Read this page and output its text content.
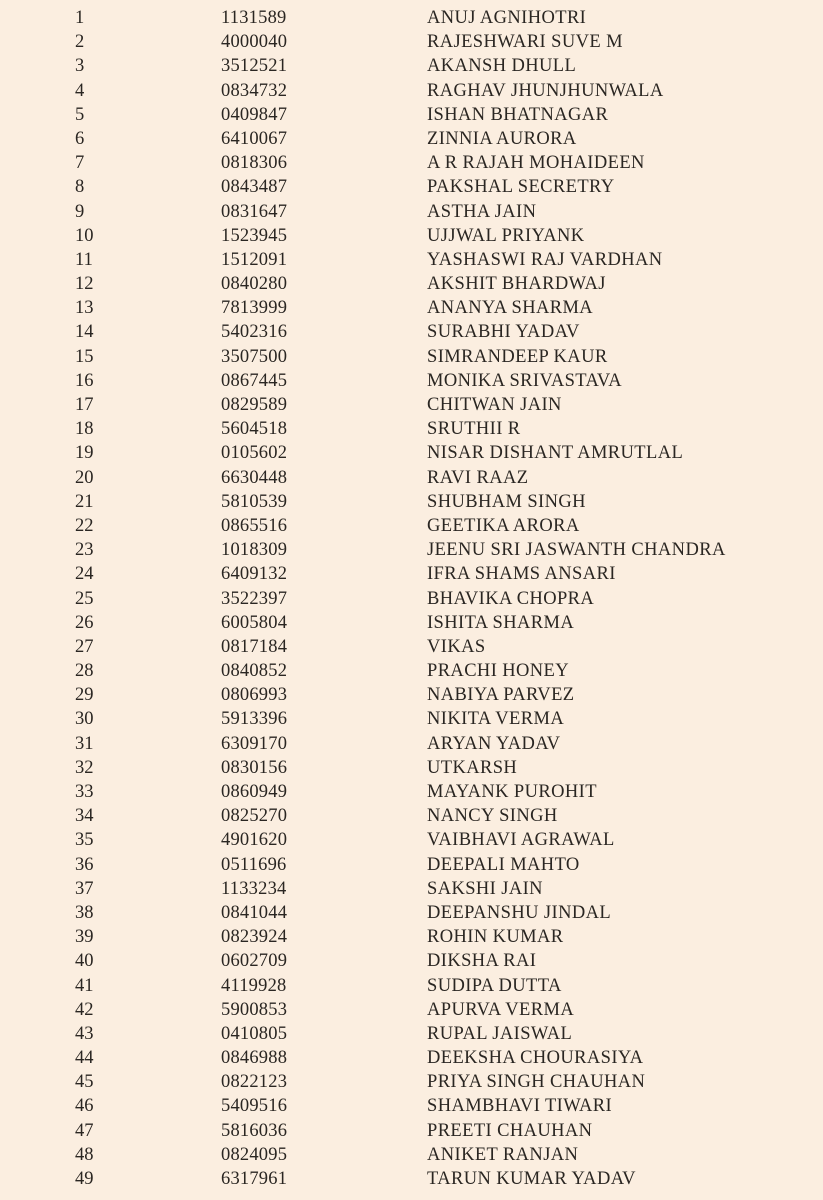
1	1131589	ANUJ AGNIHOTRI
2	4000040	RAJESHWARI SUVE M
3	3512521	AKANSH DHULL
4	0834732	RAGHAV JHUNJHUNWALA
5	0409847	ISHAN BHATNAGAR
6	6410067	ZINNIA AURORA
7	0818306	A R RAJAH MOHAIDEEN
8	0843487	PAKSHAL SECRETRY
9	0831647	ASTHA JAIN
10	1523945	UJJWAL PRIYANK
11	1512091	YASHASWI RAJ VARDHAN
12	0840280	AKSHIT BHARDWAJ
13	7813999	ANANYA SHARMA
14	5402316	SURABHI YADAV
15	3507500	SIMRANDEEP KAUR
16	0867445	MONIKA SRIVASTAVA
17	0829589	CHITWAN JAIN
18	5604518	SRUTHII R
19	0105602	NISAR DISHANT AMRUTLAL
20	6630448	RAVI RAAZ
21	5810539	SHUBHAM SINGH
22	0865516	GEETIKA ARORA
23	1018309	JEENU SRI JASWANTH CHANDRA
24	6409132	IFRA SHAMS ANSARI
25	3522397	BHAVIKA CHOPRA
26	6005804	ISHITA SHARMA
27	0817184	VIKAS
28	0840852	PRACHI HONEY
29	0806993	NABIYA PARVEZ
30	5913396	NIKITA VERMA
31	6309170	ARYAN YADAV
32	0830156	UTKARSH
33	0860949	MAYANK PUROHIT
34	0825270	NANCY SINGH
35	4901620	VAIBHAVI AGRAWAL
36	0511696	DEEPALI MAHTO
37	1133234	SAKSHI JAIN
38	0841044	DEEPANSHU JINDAL
39	0823924	ROHIN KUMAR
40	0602709	DIKSHA RAI
41	4119928	SUDIPA DUTTA
42	5900853	APURVA VERMA
43	0410805	RUPAL JAISWAL
44	0846988	DEEKSHA CHOURASIYA
45	0822123	PRIYA SINGH CHAUHAN
46	5409516	SHAMBHAVI TIWARI
47	5816036	PREETI CHAUHAN
48	0824095	ANIKET RANJAN
49	6317961	TARUN KUMAR YADAV
